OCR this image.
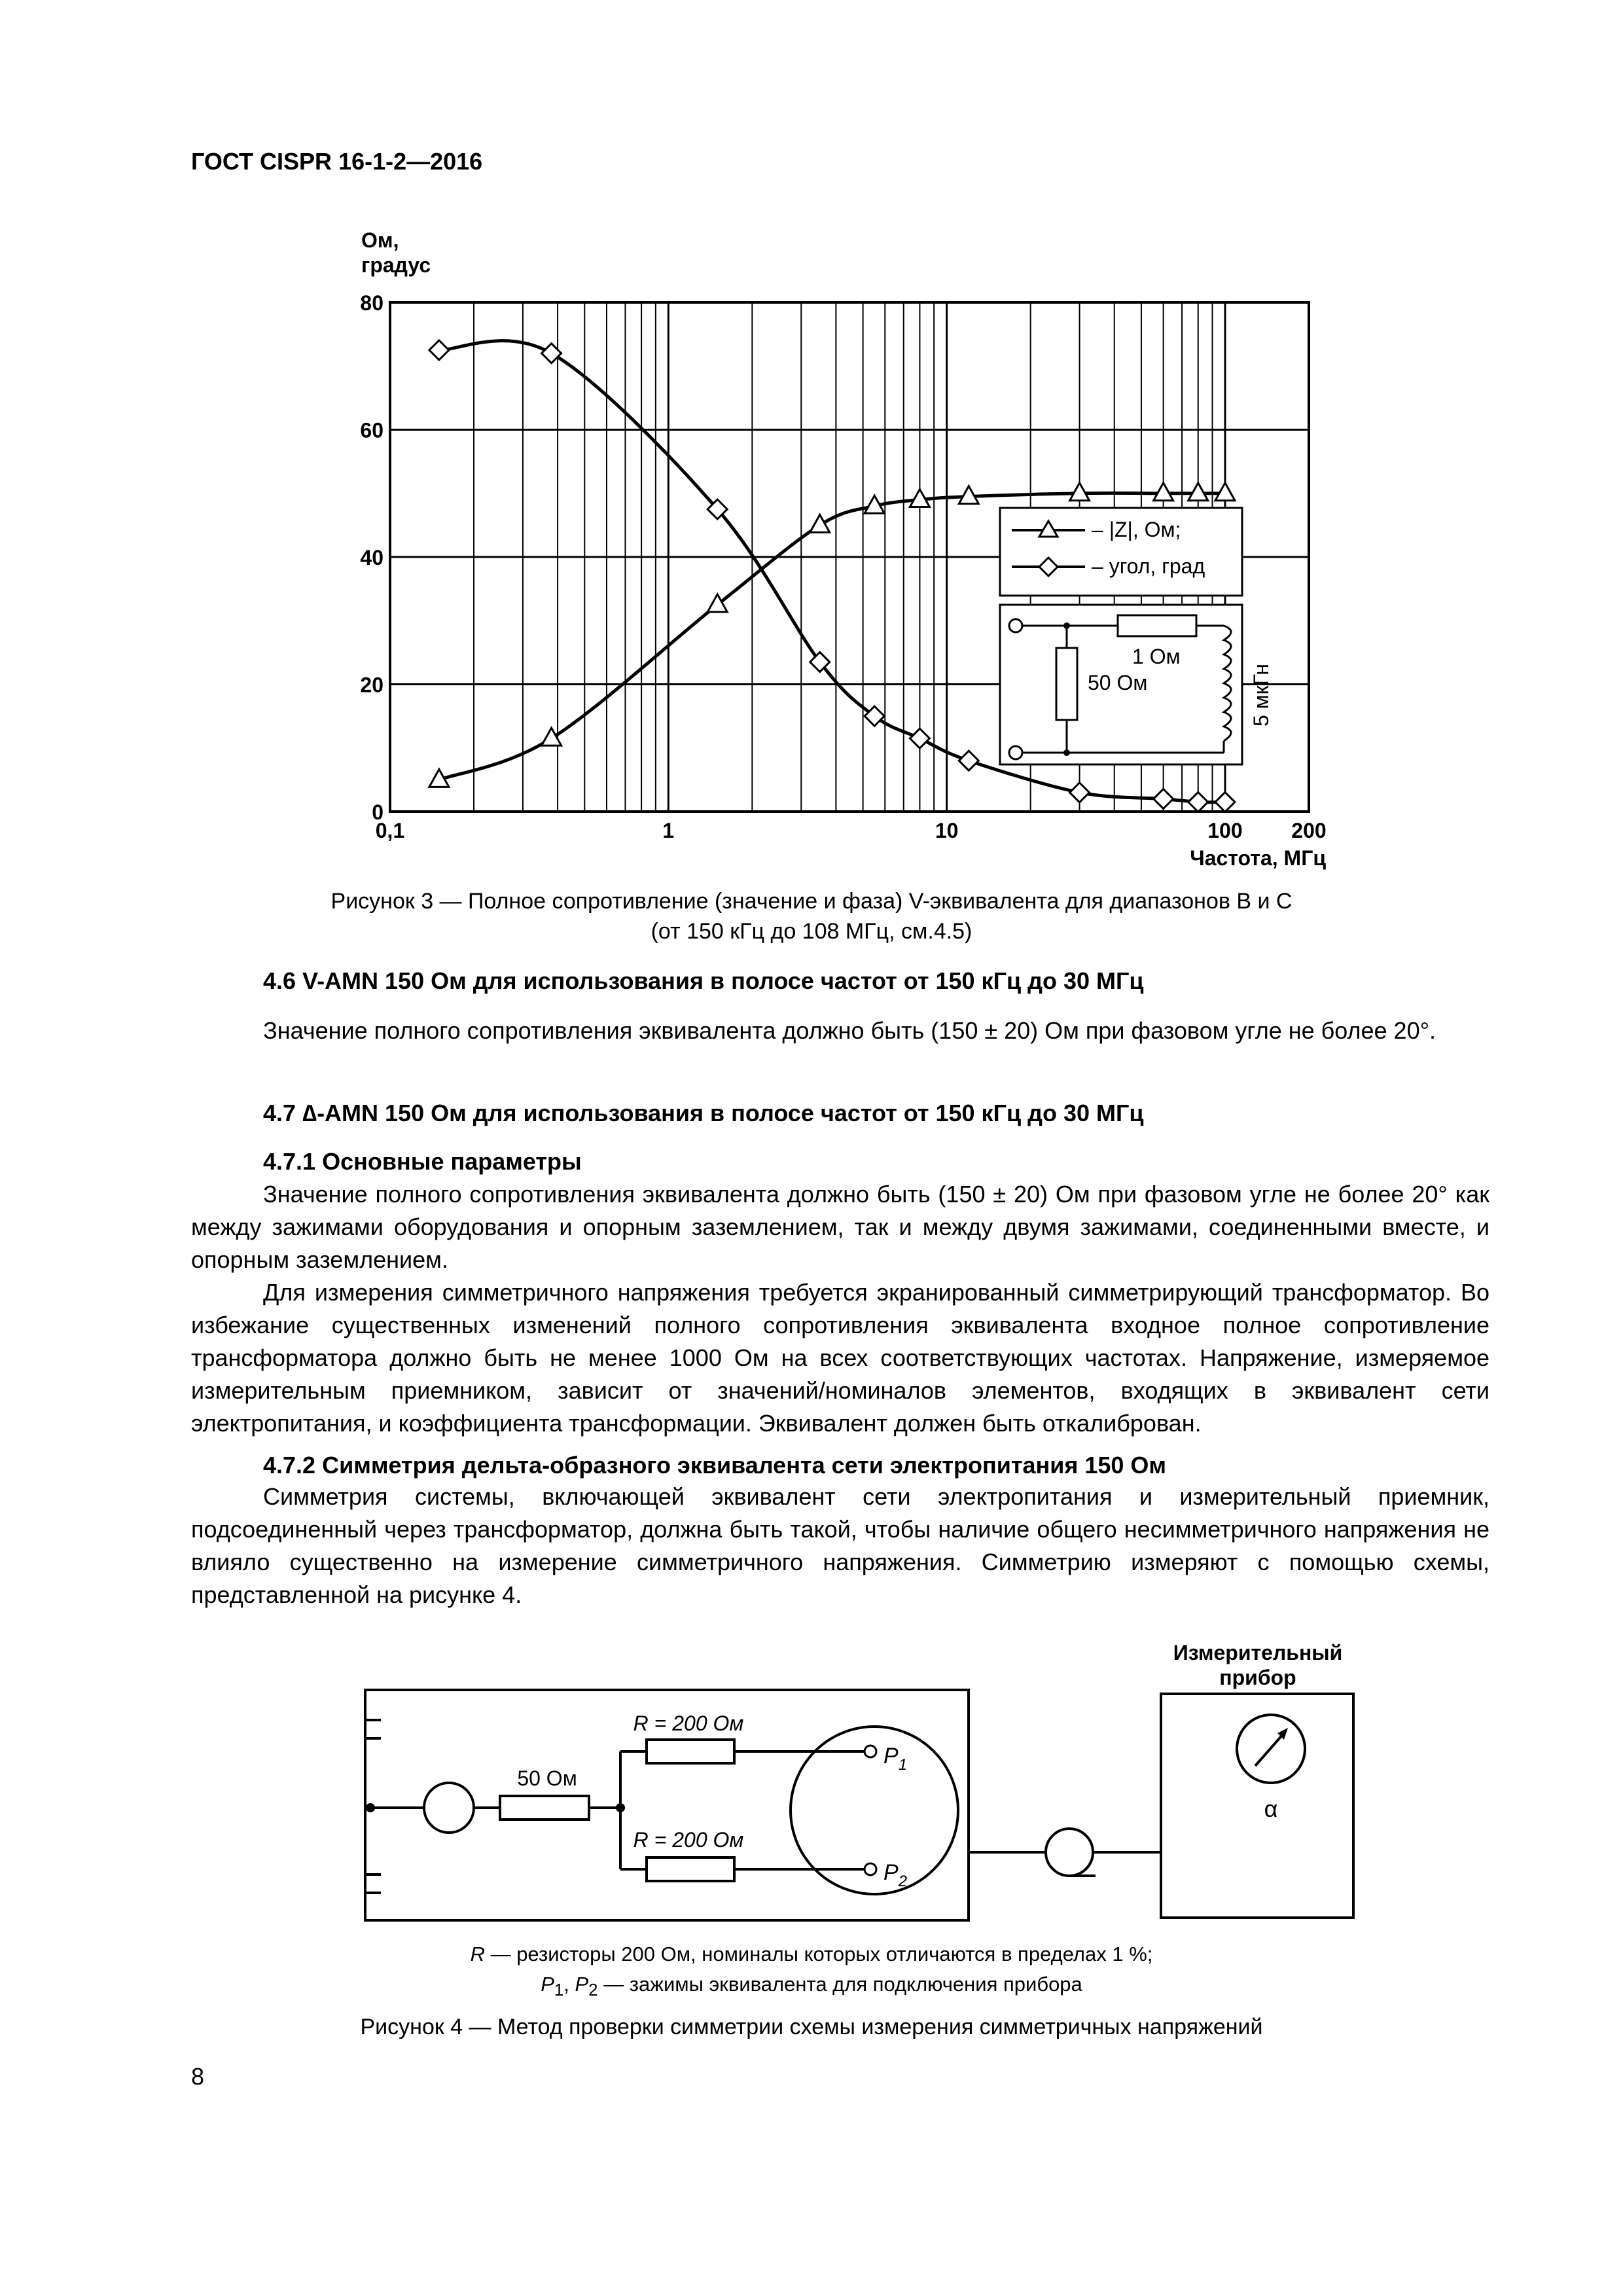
ГОСТ CISPR 16-1-2—2016
0
20
40
60
80
0,1	1	10	100 200
Ом,
градус
Частота, МГц
– |Z|, Ом;
– угол, град
1 Ом
50 Ом	5 мкГн
Рисунок 3 — Полное сопротивление (значение и фаза) V-эквивалента для диапазонов В и С
(от 150 кГц до 108 МГц, см.4.5)
4.6 V-AMN 150 Ом для использования в полосе частот от 150 кГц до 30 МГц
Значение полного сопротивления эквивалента должно быть (150 ± 20) Ом при фазовом угле не более 20°.
4.7 ∆-AMN 150 Ом для использования в полосе частот от 150 кГц до 30 МГц
4.7.1 Основные параметры
Значение полного сопротивления эквивалента должно быть (150 ± 20) Ом при фазовом угле не более 20° как между зажимами оборудования и опорным заземлением, так и между двумя зажимами, соединенными вместе, и опорным заземлением.
Для измерения симметричного напряжения требуется экранированный симметрирующий трансформатор. Во избежание существенных изменений полного сопротивления эквивалента входное полное сопротивление трансформатора должно быть не менее 1000 Ом на всех соответствующих частотах. Напряжение, измеряемое измерительным приемником, зависит от значений/номиналов элементов, входящих в эквивалент сети электропитания, и коэффициента трансформации. Эквивалент должен быть откалиброван.
4.7.2 Симметрия дельта-образного эквивалента сети электропитания 150 Ом
Симметрия системы, включающей эквивалент сети электропитания и измерительный приемник, подсоединенный через трансформатор, должна быть такой, чтобы наличие общего несимметричного напряжения не влияло существенно на измерение симметричного напряжения. Симметрию измеряют с помощью схемы, представленной на рисунке 4.
Измерительный
прибор
50 Ом
R = 200 Ом
R = 200 Ом
$P_1$
$P_2$
α
R — резисторы 200 Ом, номиналы которых отличаются в пределах 1 %;
$P_1$, $P_2$ — зажимы эквивалента для подключения прибора
Рисунок 4 — Метод проверки симметрии схемы измерения симметричных напряжений
8
